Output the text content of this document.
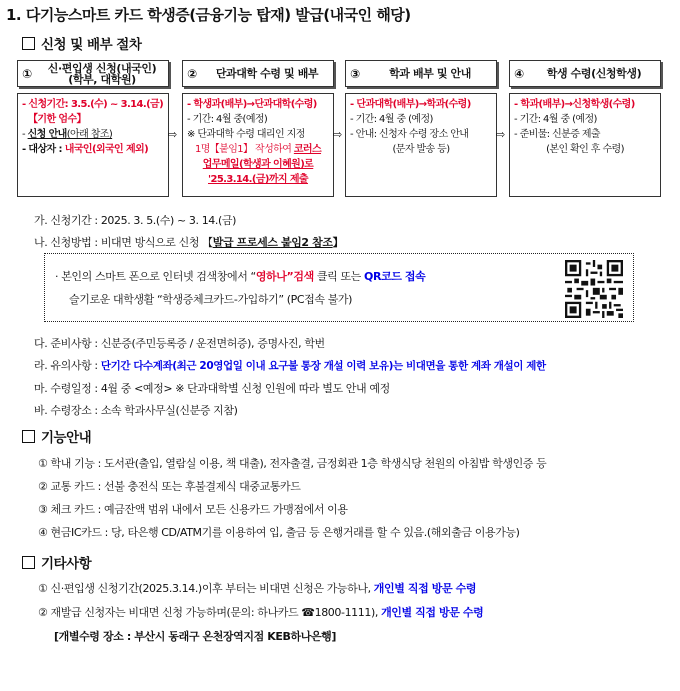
1. 다기능스마트 카드 학생증(금융기능 탑재) 발급(내국인 해당)
신청 및 배부 절차
①	신·편입생 신청(내국인)
(학부, 대학원)
- 신청기간: 3.5.(수) ~ 3.14.(금)
【기한 엄수】
- 신청 안내(아래 참조)
- 대상자 : 내국인(외국인 제외)
⇨
②	단과대학 수령 및 배부
- 학생과(배부)→단과대학(수령)
- 기간: 4월 중(예정)
※ 단과대학 수령 대리인 지정
1명【붙임1】 작성하여 코러스
업무메일(학생과 이혜원)로
'25.3.14.(금)까지 제출
⇨
③	학과 배부 및 안내
- 단과대학(배부)→학과(수령)
- 기간: 4월 중 (예정)
- 안내: 신청자 수령 장소 안내
(문자 발송 등)
⇨
④	학생 수령(신청학생)
- 학과(배부)→신청학생(수령)
- 기간: 4월 중 (예정)
- 준비물: 신분증 제출
(본인 확인 후 수령)
가. 신청기간 : 2025. 3. 5.(수) ~ 3. 14.(금)
나. 신청방법 : 비대면 방식으로 신청 【발급 프로세스 붙임2 참조】
· 본인의 스마트 폰으로 인터넷 검색창에서 “영하나”검색 클릭 또는 QR코드 접속
슬기로운 대학생활 “학생증체크카드-가입하기” (PC접속 불가)
다. 준비사항 : 신분증(주민등록증 / 운전면허증), 증명사진, 학번
라. 유의사항 : 단기간 다수계좌(최근 20영업일 이내 요구불 통장 개설 이력 보유)는 비대면을 통한 계좌 개설이 제한
마. 수령일정 : 4월 중 <예정> ※ 단과대학별 신청 인원에 따라 별도 안내 예정
바. 수령장소 : 소속 학과사무실(신분증 지참)
기능안내
① 학내 기능 : 도서관(출입, 열람실 이용, 책 대출), 전자출결, 금정회관 1층 학생식당 천원의 아침밥 학생인증 등
② 교통 카드 : 선불 충전식 또는 후불결제식 대중교통카드
③ 체크 카드 : 예금잔액 범위 내에서 모든 신용카드 가맹점에서 이용
④ 현금IC카드 : 당, 타은행 CD/ATM기를 이용하여 입, 출금 등 은행거래를 할 수 있음.(해외출금 이용가능)
기타사항
① 신·편입생 신청기간(2025.3.14.)이후 부터는 비대면 신청은 가능하나, 개인별 직접 방문 수령
② 재발급 신청자는 비대면 신청 가능하며(문의: 하나카드 ☎1800-1111), 개인별 직접 방문 수령
[개별수령 장소 : 부산시 동래구 온천장역지점 KEB하나은행]
